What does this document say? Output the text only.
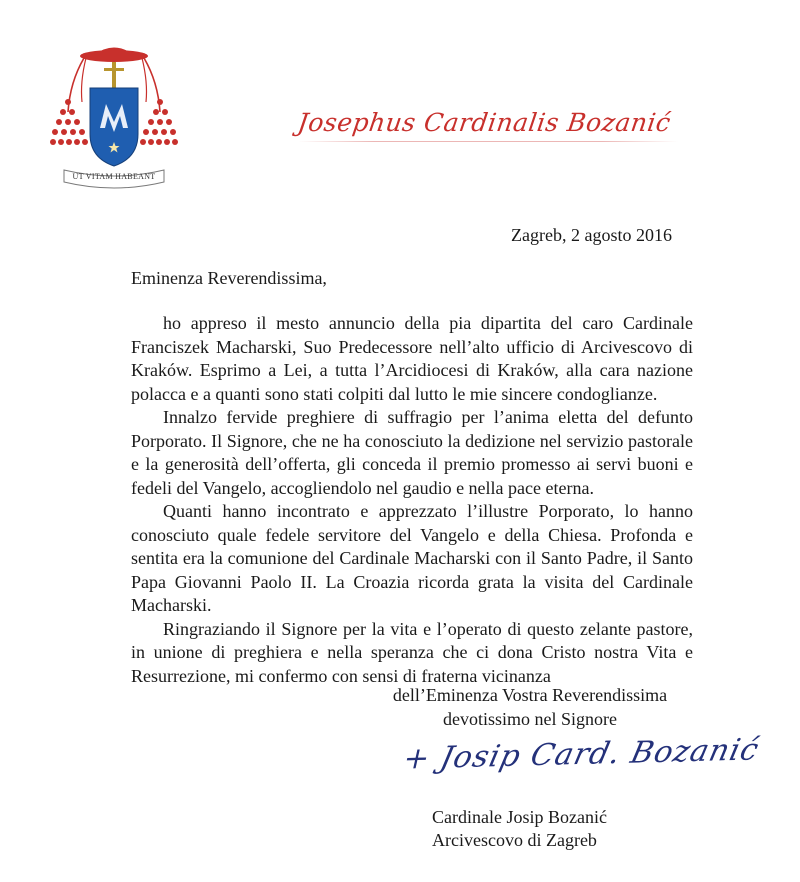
UT VITAM HABEANT
Josephus Cardinalis Bozanić
Zagreb, 2 agosto 2016
Eminenza Reverendissima,

ho appreso il mesto annuncio della pia dipartita del caro Cardinale Franciszek Macharski, Suo Predecessore nell’alto ufficio di Arcivescovo di Kraków. Esprimo a Lei, a tutta l’Arcidiocesi di Kraków, alla cara nazione polacca e a quanti sono stati colpiti dal lutto le mie sincere condoglianze.

Innalzo fervide preghiere di suffragio per l’anima eletta del defunto Porporato. Il Signore, che ne ha conosciuto la dedizione nel servizio pastorale e la generosità dell’offerta, gli conceda il premio promesso ai servi buoni e fedeli del Vangelo, accogliendolo nel gaudio e nella pace eterna.

Quanti hanno incontrato e apprezzato l’illustre Porporato, lo hanno conosciuto quale fedele servitore del Vangelo e della Chiesa. Profonda e sentita era la comunione del Cardinale Macharski con il Santo Padre, il Santo Papa Giovanni Paolo II. La Croazia ricorda grata la visita del Cardinale Macharski.

Ringraziando il Signore per la vita e l’operato di questo zelante pastore, in unione di preghiera e nella speranza che ci dona Cristo nostra Vita e Resurrezione, mi confermo con sensi di fraterna vicinanza

dell’Eminenza Vostra Reverendissima
devotissimo nel Signore
+ Josip Card. Bozanić
Cardinale Josip Bozanić
Arcivescovo di Zagreb
